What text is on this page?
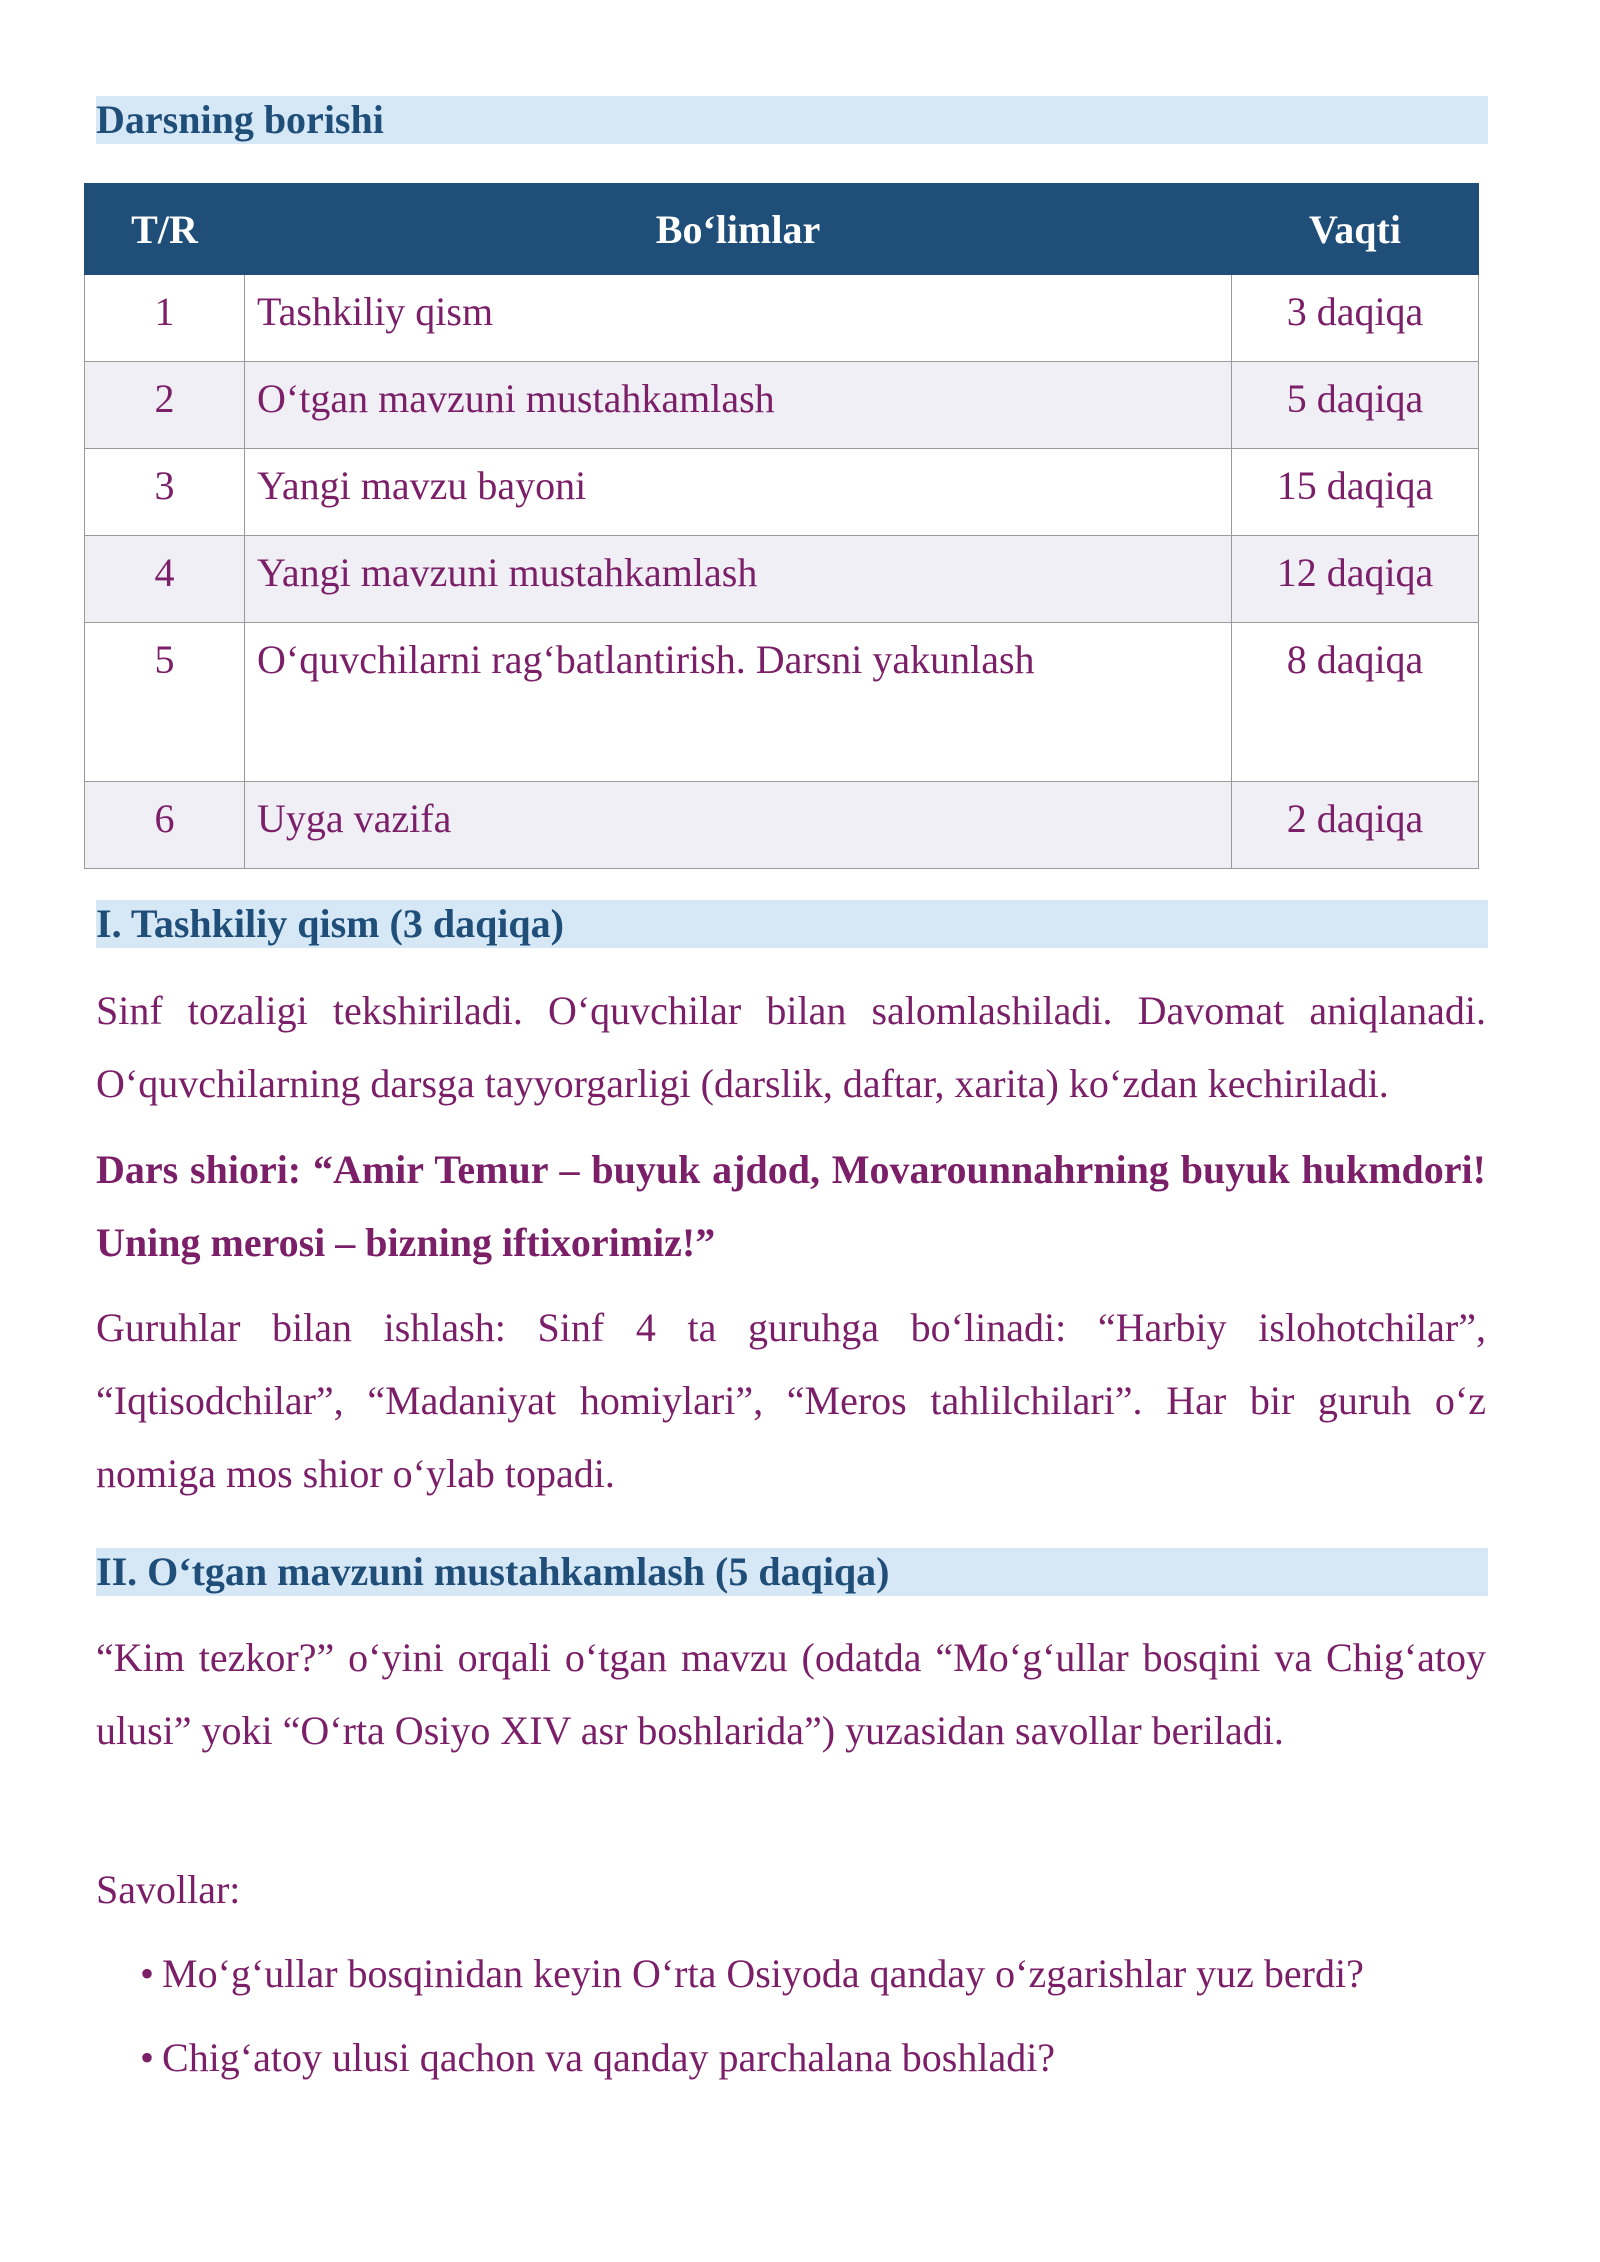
Darsning borishi
T/R	Bo‘limlar	Vaqti
1	Tashkiliy qism	3 daqiqa
2	O‘tgan mavzuni mustahkamlash	5 daqiqa
3	Yangi mavzu bayoni	15 daqiqa
4	Yangi mavzuni mustahkamlash	12 daqiqa
5	O‘quvchilarni rag‘batlantirish. Darsni yakunlash	8 daqiqa
6	Uyga vazifa	2 daqiqa
I. Tashkiliy qism (3 daqiqa)

Sinf tozaligi tekshiriladi. O‘quvchilar bilan salomlashiladi. Davomat aniqlanadi. O‘quvchilarning darsga tayyorgarligi (darslik, daftar, xarita) ko‘zdan kechiriladi.

Dars shiori: “Amir Temur – buyuk ajdod, Movarounnahrning buyuk hukmdori! Uning merosi – bizning iftixorimiz!”

Guruhlar bilan ishlash: Sinf 4 ta guruhga bo‘linadi: “Harbiy islohotchilar”, “Iqtisodchilar”, “Madaniyat homiylari”, “Meros tahlilchilari”. Har bir guruh o‘z nomiga mos shior o‘ylab topadi.

II. O‘tgan mavzuni mustahkamlash (5 daqiqa)

“Kim tezkor?” o‘yini orqali o‘tgan mavzu (odatda “Mo‘g‘ullar bosqini va Chig‘atoy ulusi” yoki “O‘rta Osiyo XIV asr boshlarida”) yuzasidan savollar beriladi.

Savollar:

• Mo‘g‘ullar bosqinidan keyin O‘rta Osiyoda qanday o‘zgarishlar yuz berdi?
• Chig‘atoy ulusi qachon va qanday parchalana boshladi?
